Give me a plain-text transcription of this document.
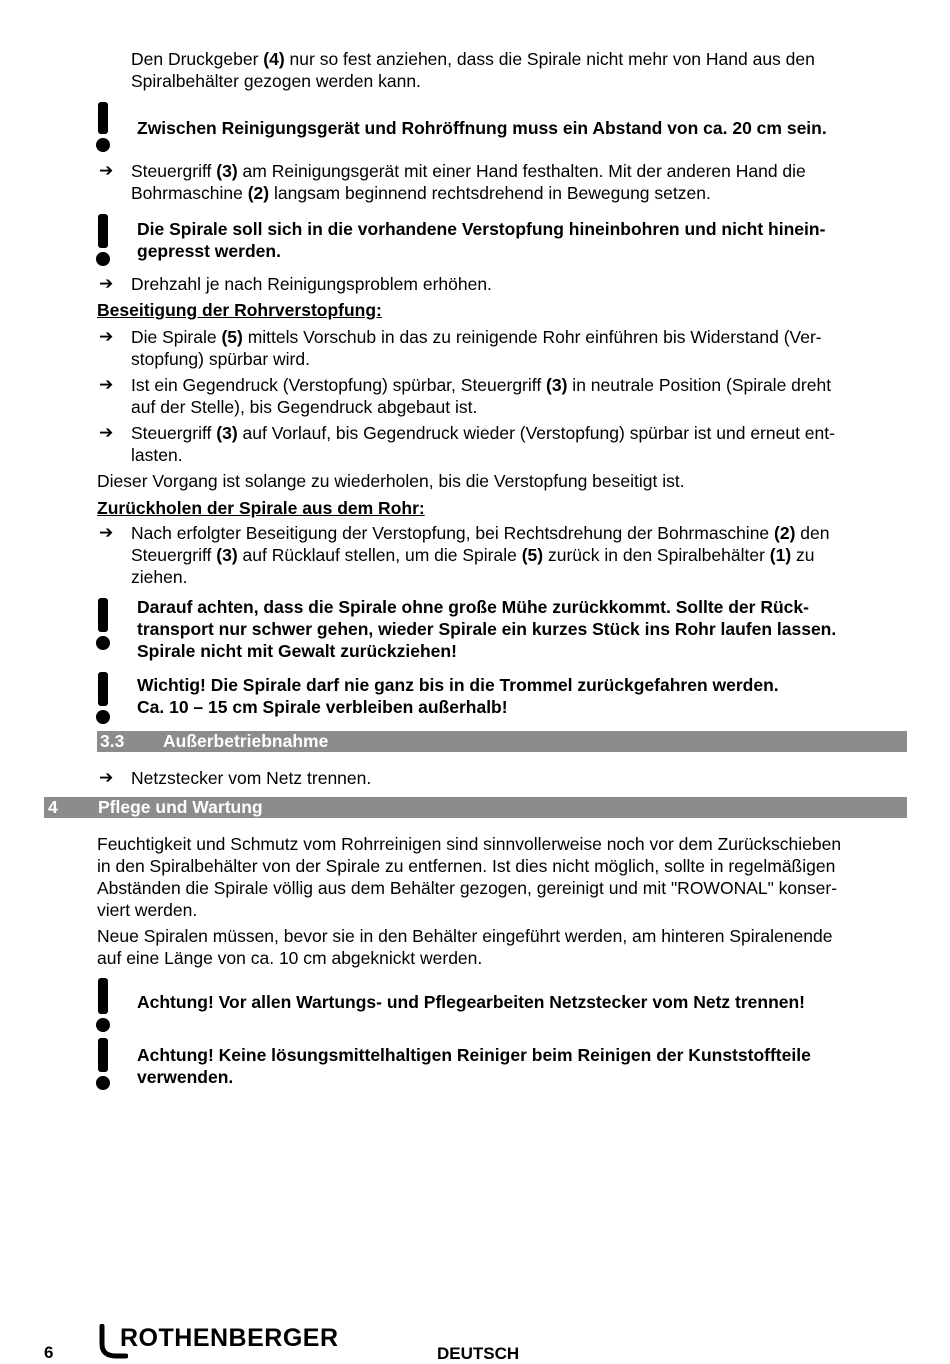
Den Druckgeber (4) nur so fest anziehen, dass die Spirale nicht mehr von Hand aus den
Spiralbehälter gezogen werden kann.
Zwischen Reinigungsgerät und Rohröffnung muss ein Abstand von ca. 20 cm sein.
➔	Steuergriff (3) am Reinigungsgerät mit einer Hand festhalten. Mit der anderen Hand die
Bohrmaschine (2) langsam beginnend rechtsdrehend in Bewegung setzen.
Die Spirale soll sich in die vorhandene Verstopfung hineinbohren und nicht hinein-
gepresst werden.
➔	Drehzahl je nach Reinigungsproblem erhöhen.
Beseitigung der Rohrverstopfung:
➔	Die Spirale (5) mittels Vorschub in das zu reinigende Rohr einführen bis Widerstand (Ver-
stopfung) spürbar wird.
➔	Ist ein Gegendruck (Verstopfung) spürbar, Steuergriff (3) in neutrale Position (Spirale dreht
auf der Stelle), bis Gegendruck abgebaut ist.
➔	Steuergriff (3) auf Vorlauf, bis Gegendruck wieder (Verstopfung) spürbar ist und erneut ent-
lasten.
Dieser Vorgang ist solange zu wiederholen, bis die Verstopfung beseitigt ist.
Zurückholen der Spirale aus dem Rohr:
➔	Nach erfolgter Beseitigung der Verstopfung, bei Rechtsdrehung der Bohrmaschine (2) den
Steuergriff (3) auf Rücklauf stellen, um die Spirale (5) zurück in den Spiralbehälter (1) zu
ziehen.
Darauf achten, dass die Spirale ohne große Mühe zurückkommt. Sollte der Rück-
transport nur schwer gehen, wieder Spirale ein kurzes Stück ins Rohr laufen lassen.
Spirale nicht mit Gewalt zurückziehen!
Wichtig! Die Spirale darf nie ganz bis in die Trommel zurückgefahren werden.
Ca. 10 – 15 cm Spirale verbleiben außerhalb!
3.3 Außerbetriebnahme
➔	Netzstecker vom Netz trennen.
4 Pflege und Wartung
Feuchtigkeit und Schmutz vom Rohrreinigen sind sinnvollerweise noch vor dem Zurückschieben
in den Spiralbehälter von der Spirale zu entfernen. Ist dies nicht möglich, sollte in regelmäßigen
Abständen die Spirale völlig aus dem Behälter gezogen, gereinigt und mit "ROWONAL" konser-
viert werden.
Neue Spiralen müssen, bevor sie in den Behälter eingeführt werden, am hinteren Spiralenende
auf eine Länge von ca. 10 cm abgeknickt werden.
Achtung! Vor allen Wartungs- und Pflegearbeiten Netzstecker vom Netz trennen!
Achtung! Keine lösungsmittelhaltigen Reiniger beim Reinigen der Kunststoffteile
verwenden.
6
ROTHENBERGER
DEUTSCH
